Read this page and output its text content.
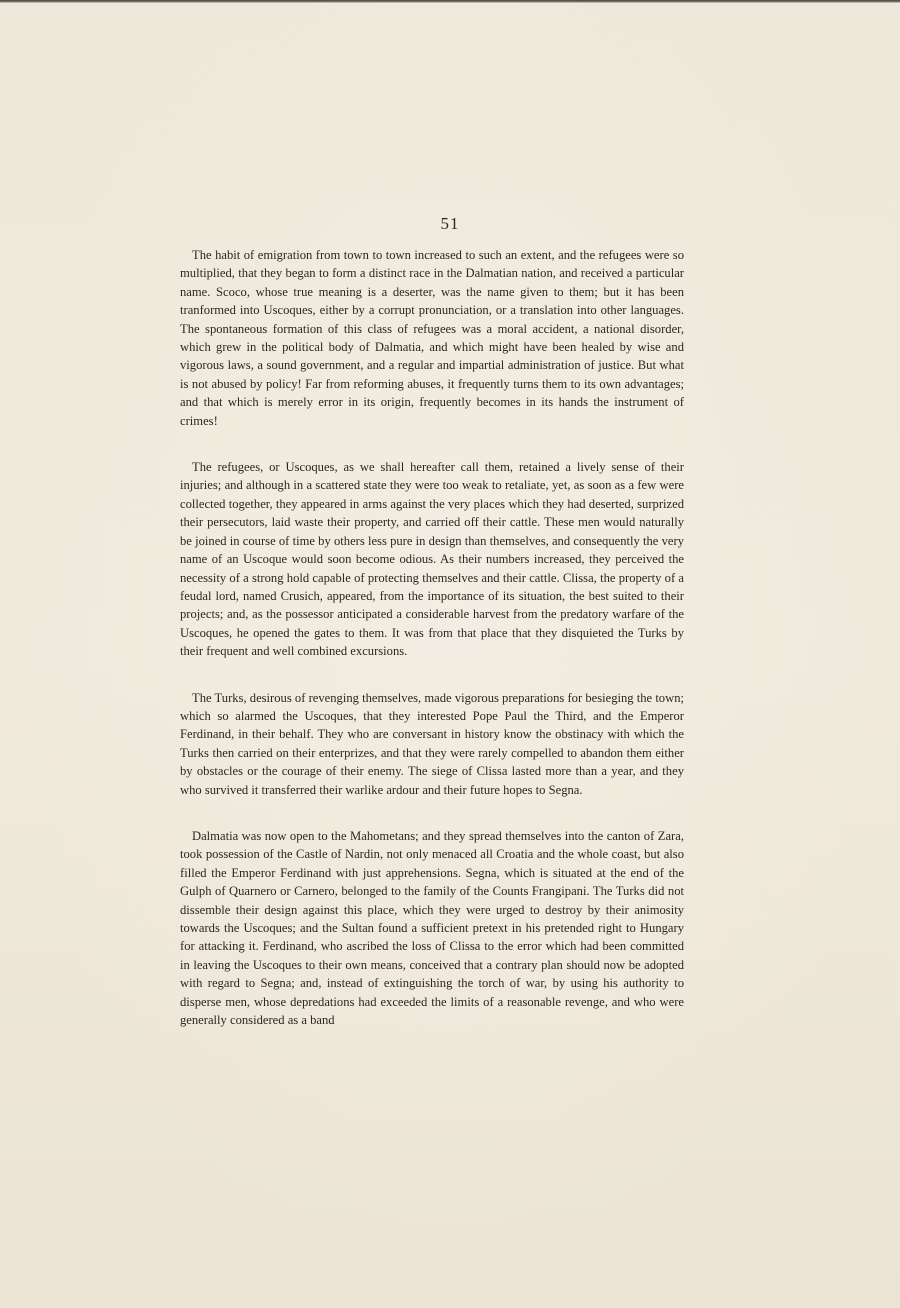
51

The habit of emigration from town to town increased to such an extent, and the refugees were so multiplied, that they began to form a distinct race in the Dalmatian nation, and received a particular name. Scoco, whose true meaning is a deserter, was the name given to them; but it has been tranformed into Uscoques, either by a corrupt pronunciation, or a translation into other languages. The spontaneous formation of this class of refugees was a moral accident, a national disorder, which grew in the political body of Dalmatia, and which might have been healed by wise and vigorous laws, a sound government, and a regular and impartial administration of justice. But what is not abused by policy! Far from reforming abuses, it frequently turns them to its own advantages; and that which is merely error in its origin, frequently becomes in its hands the instrument of crimes!

The refugees, or Uscoques, as we shall hereafter call them, retained a lively sense of their injuries; and although in a scattered state they were too weak to retaliate, yet, as soon as a few were collected together, they appeared in arms against the very places which they had deserted, surprized their persecutors, laid waste their property, and carried off their cattle. These men would naturally be joined in course of time by others less pure in design than themselves, and consequently the very name of an Uscoque would soon become odious. As their numbers increased, they perceived the necessity of a strong hold capable of protecting themselves and their cattle. Clissa, the property of a feudal lord, named Crusich, appeared, from the importance of its situation, the best suited to their projects; and, as the possessor anticipated a considerable harvest from the predatory warfare of the Uscoques, he opened the gates to them. It was from that place that they disquieted the Turks by their frequent and well combined excursions.

The Turks, desirous of revenging themselves, made vigorous preparations for besieging the town; which so alarmed the Uscoques, that they interested Pope Paul the Third, and the Emperor Ferdinand, in their behalf. They who are conversant in history know the obstinacy with which the Turks then carried on their enterprizes, and that they were rarely compelled to abandon them either by obstacles or the courage of their enemy. The siege of Clissa lasted more than a year, and they who survived it transferred their warlike ardour and their future hopes to Segna.

Dalmatia was now open to the Mahometans; and they spread themselves into the canton of Zara, took possession of the Castle of Nardin, not only menaced all Croatia and the whole coast, but also filled the Emperor Ferdinand with just apprehensions. Segna, which is situated at the end of the Gulph of Quarnero or Carnero, belonged to the family of the Counts Frangipani. The Turks did not dissemble their design against this place, which they were urged to destroy by their animosity towards the Uscoques; and the Sultan found a sufficient pretext in his pretended right to Hungary for attacking it. Ferdinand, who ascribed the loss of Clissa to the error which had been committed in leaving the Uscoques to their own means, conceived that a contrary plan should now be adopted with regard to Segna; and, instead of extinguishing the torch of war, by using his authority to disperse men, whose depredations had exceeded the limits of a reasonable revenge, and who were generally considered as a band
